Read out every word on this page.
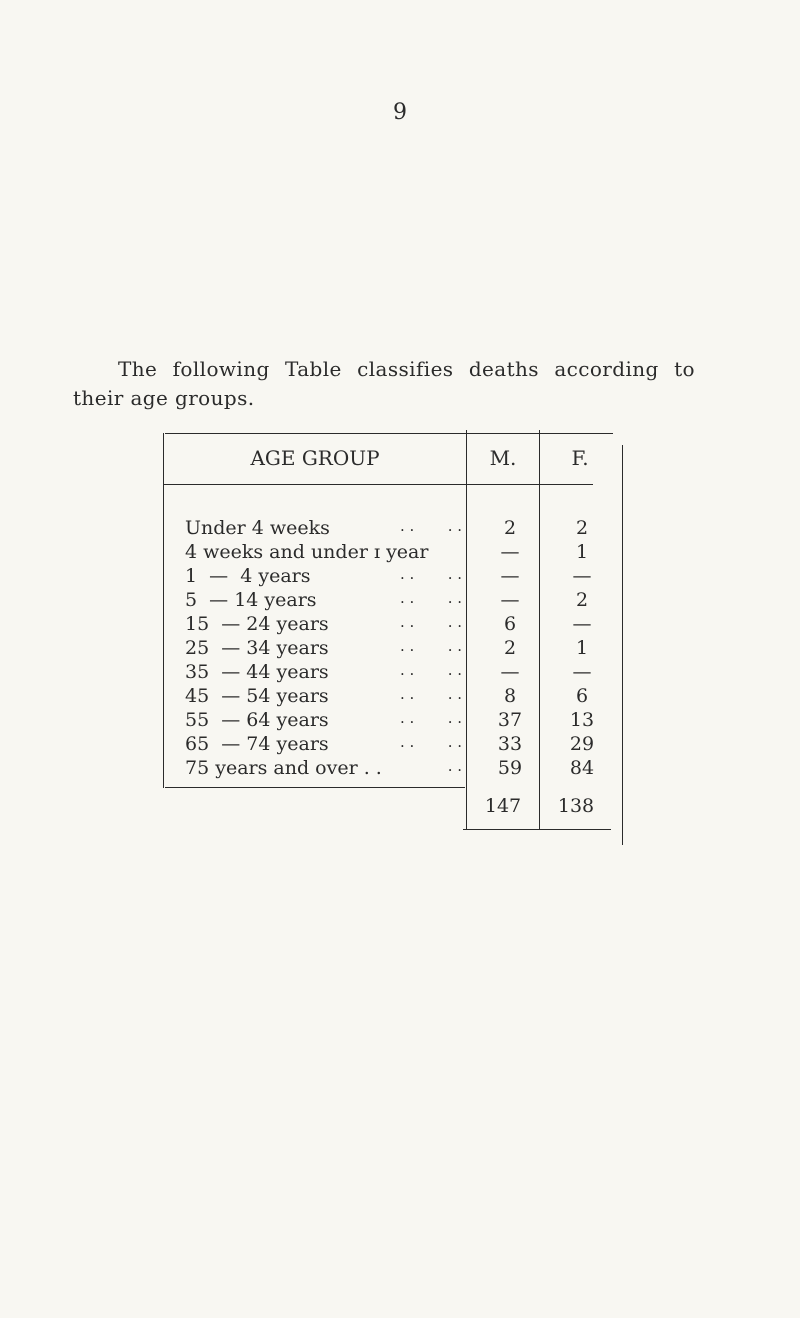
9
The following Table classifies deaths according to
their age groups.
AGE GROUP	M.	F.
Under 4 weeks	. . . .	2	2
4 weeks and under ɪ year	—	1
1  —  4 years	. . . .	—	—
5  — 14 years	. . . .	—	2
15  — 24 years	. . . .	6	—
25  — 34 years	. . . .	2	1
35  — 44 years	. . . .	—	—
45  — 54 years	. . . .	8	6
55  — 64 years	. . . .	37	13
65  — 74 years	. . . .	33	29
75 years and over . .	. .	59	84
147	138
